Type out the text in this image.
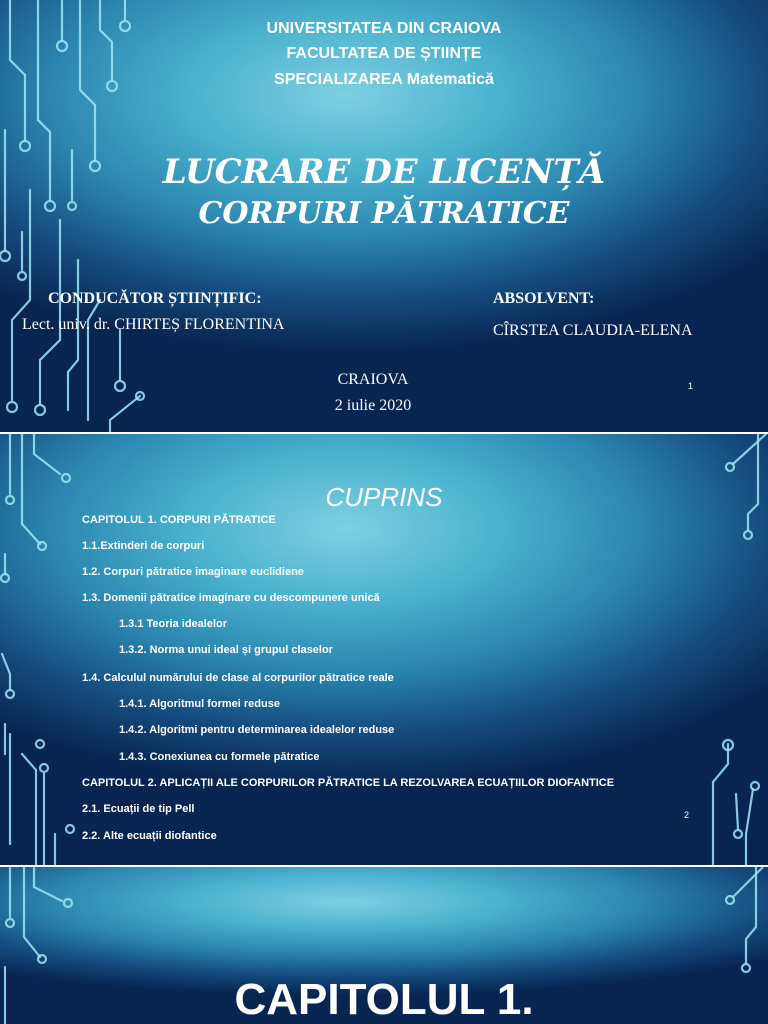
UNIVERSITATEA DIN CRAIOVA
FACULTATEA DE ȘTIINȚE
SPECIALIZAREA Matematică
LUCRARE DE LICENȚĂ
CORPURI PĂTRATICE
CONDUCĂTOR ȘTIINȚIFIC:
Lect. univ. dr. CHIRTEȘ FLORENTINA
ABSOLVENT:
CÎRSTEA CLAUDIA-ELENA
CRAIOVA
2 iulie 2020
1
CUPRINS
CAPITOLUL 1. CORPURI PĂTRATICE
1.1.Extinderi de corpuri
1.2. Corpuri pătratice imaginare euclidiene
1.3. Domenii pătratice imaginare cu descompunere unică
1.3.1 Teoria idealelor
1.3.2. Norma unui ideal și grupul claselor
1.4. Calculul numărului de clase al corpurilor pătratice reale
1.4.1. Algoritmul formei reduse
1.4.2. Algoritmi pentru determinarea idealelor reduse
1.4.3. Conexiunea cu formele pătratice
CAPITOLUL 2. APLICAȚII ALE CORPURILOR PĂTRATICE LA REZOLVAREA ECUAȚIILOR DIOFANTICE
2.1. Ecuații de tip Pell
2.2. Alte ecuații diofantice
2
CAPITOLUL 1.
